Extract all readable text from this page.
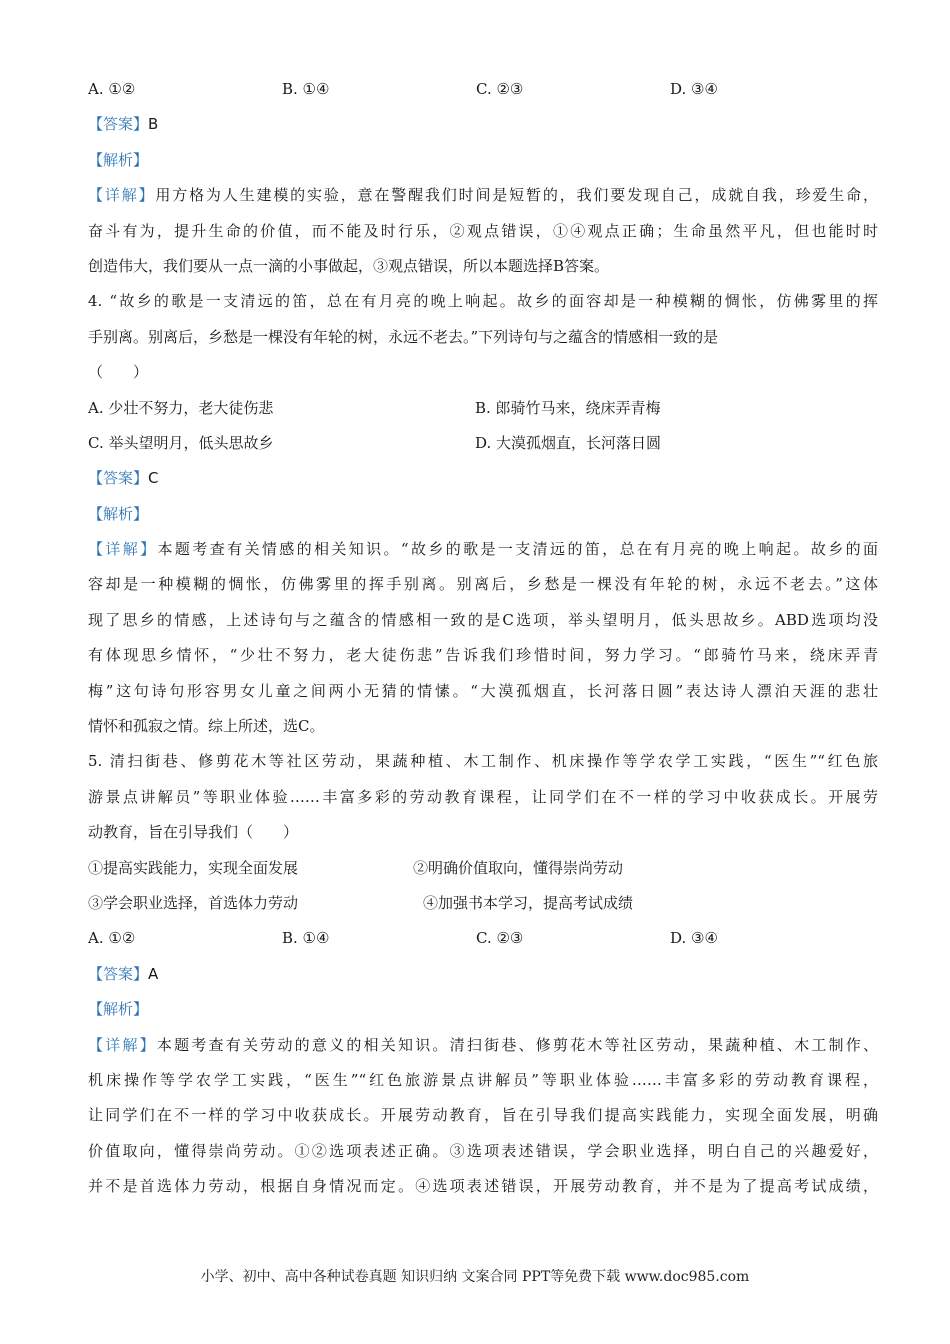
A. ①②	B. ①④	C. ②③	D. ③④
【答案】B
【解析】
【详解】用方格为人生建模的实验，意在警醒我们时间是短暂的，我们要发现自己，成就自我，珍爱生命，
奋斗有为，提升生命的价值，而不能及时行乐，②观点错误，①④观点正确；生命虽然平凡，但也能时时
创造伟大，我们要从一点一滴的小事做起，③观点错误，所以本题选择B答案。
4. “故乡的歌是一支清远的笛，总在有月亮的晚上响起。故乡的面容却是一种模糊的惆怅，仿佛雾里的挥
手别离。别离后，乡愁是一棵没有年轮的树，永远不老去。”下列诗句与之蕴含的情感相一致的是
（　　）
A. 少壮不努力，老大徒伤悲	B. 郎骑竹马来，绕床弄青梅
C. 举头望明月，低头思故乡	D. 大漠孤烟直，长河落日圆
【答案】C
【解析】
【详解】本题考查有关情感的相关知识。“故乡的歌是一支清远的笛，总在有月亮的晚上响起。故乡的面
容却是一种模糊的惆怅，仿佛雾里的挥手别离。别离后，乡愁是一棵没有年轮的树，永远不老去。”这体
现了思乡的情感，上述诗句与之蕴含的情感相一致的是C选项，举头望明月，低头思故乡。ABD选项均没
有体现思乡情怀，“少壮不努力，老大徒伤悲”告诉我们珍惜时间，努力学习。“郎骑竹马来，绕床弄青
梅”这句诗句形容男女儿童之间两小无猜的情愫。“大漠孤烟直，长河落日圆”表达诗人漂泊天涯的悲壮
情怀和孤寂之情。综上所述，选C。
5. 清扫街巷、修剪花木等社区劳动，果蔬种植、木工制作、机床操作等学农学工实践，“医生”“红色旅
游景点讲解员”等职业体验……丰富多彩的劳动教育课程，让同学们在不一样的学习中收获成长。开展劳
动教育，旨在引导我们（　　）
①提高实践能力，实现全面发展	②明确价值取向，懂得崇尚劳动
③学会职业选择，首选体力劳动	④加强书本学习，提高考试成绩
A. ①②	B. ①④	C. ②③	D. ③④
【答案】A
【解析】
【详解】本题考查有关劳动的意义的相关知识。清扫街巷、修剪花木等社区劳动，果蔬种植、木工制作、
机床操作等学农学工实践，“医生”“红色旅游景点讲解员”等职业体验……丰富多彩的劳动教育课程，
让同学们在不一样的学习中收获成长。开展劳动教育，旨在引导我们提高实践能力，实现全面发展，明确
价值取向，懂得崇尚劳动。①②选项表述正确。③选项表述错误，学会职业选择，明白自己的兴趣爱好，
并不是首选体力劳动，根据自身情况而定。④选项表述错误，开展劳动教育，并不是为了提高考试成绩，
小学、初中、高中各种试卷真题 知识归纳 文案合同 PPT等免费下载 www.doc985.com
